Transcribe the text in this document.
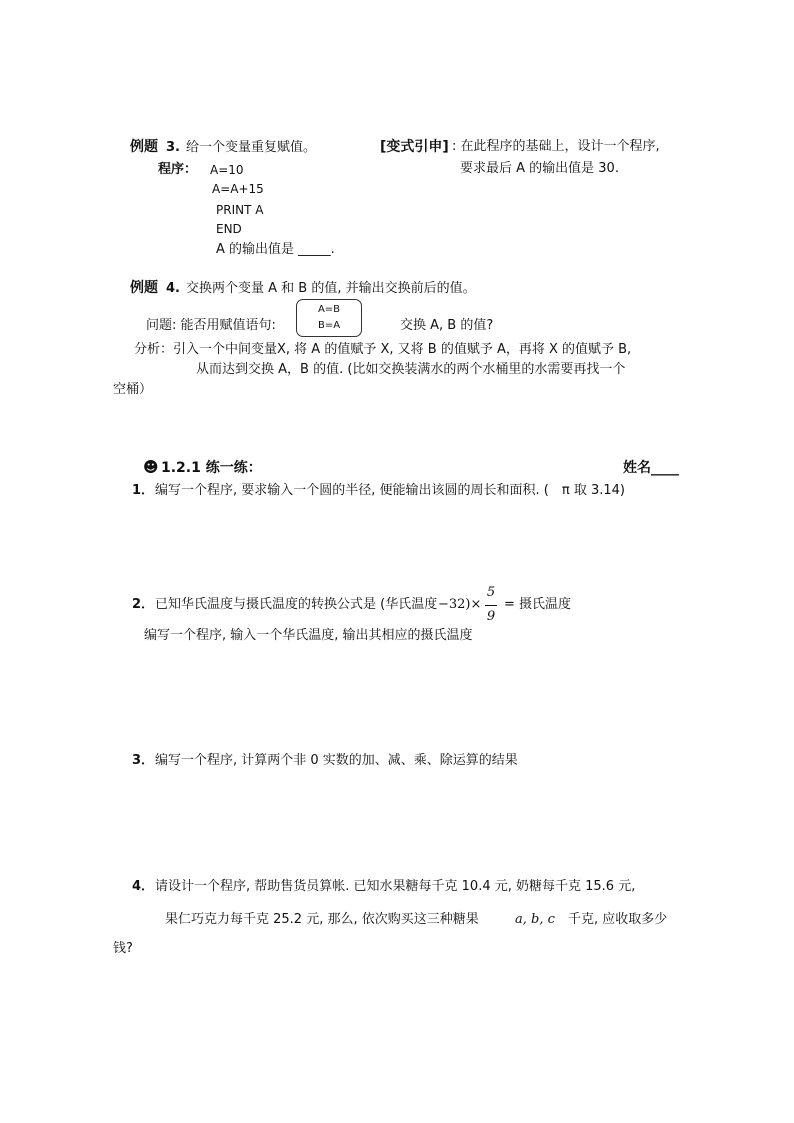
例题 3. 给一个变量重复赋值。	[变式引申] : 在此程序的基础上，设计一个程序,
要求最后 A 的输出值是 30.
程序： A=10
A=A+15
PRINT A
END
A 的输出值是 _____.
例题 4. 交换两个变量 A 和 B 的值, 并输出交换前后的值。
问题: 能否用赋值语句:
A=B
B=A	交换 A, B 的值?
分析：引入一个中间变量X, 将 A 的值赋予 X, 又将 B 的值赋予 A，再将 X 的值赋予 B,
从而达到交换 A，B 的值. (比如交换装满水的两个水桶里的水需要再找一个
空桶）
☻ 1.2.1 练一练：	姓名____
1． 编写一个程序, 要求输入一个圆的半径, 便能输出该圆的周长和面积. (　π 取 3.14)
2． 已知华氏温度与摄氏温度的转换公式是 (华氏温度 −32)×
5
9
= 摄氏温度
编写一个程序, 输入一个华氏温度, 输出其相应的摄氏温度
3． 编写一个程序, 计算两个非 0 实数的加、减、乘、除运算的结果
4． 请设计一个程序, 帮助售货员算帐. 已知水果糖每千克 10.4 元, 奶糖每千克 15.6 元,
果仁巧克力每千克 25.2 元, 那么, 依次购买这三种糖果	a, b, c 千克, 应收取多少
钱?
